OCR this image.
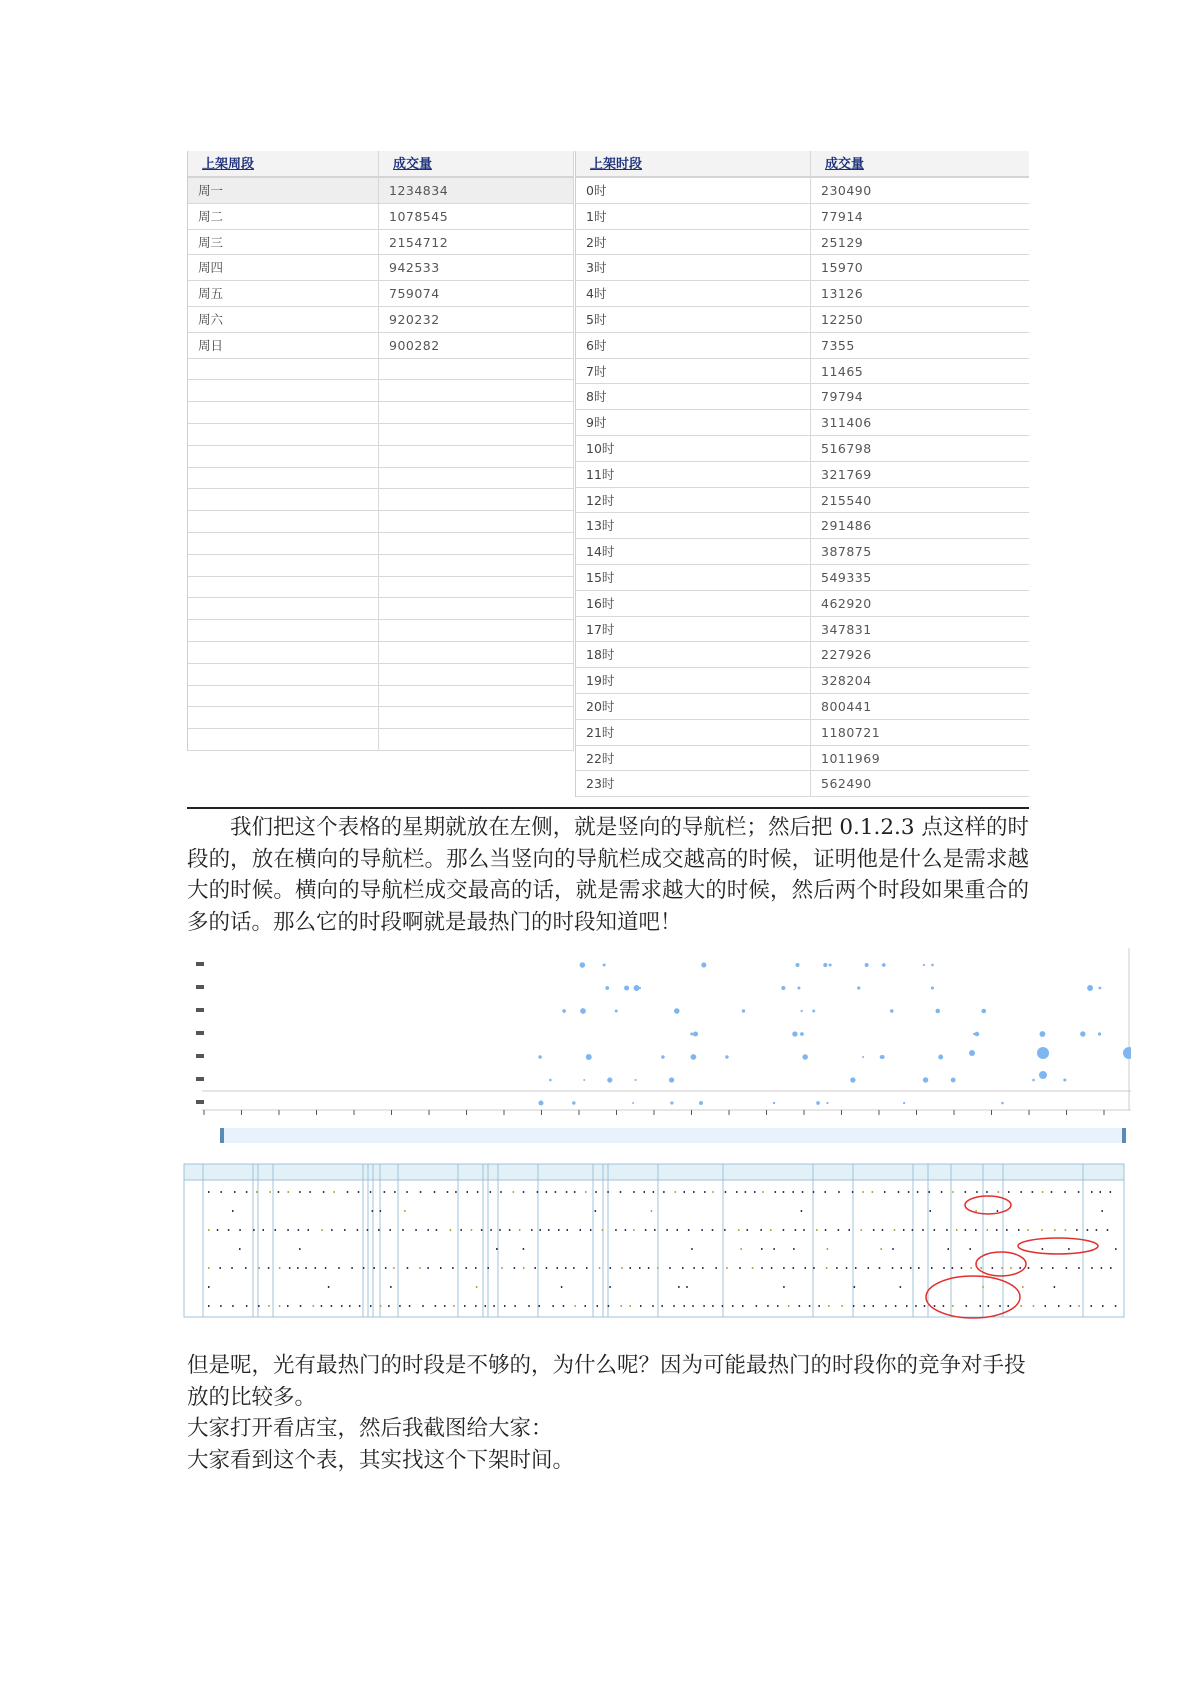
上架周段	成交量
周一	1234834
周二	1078545
周三	2154712
周四	942533
周五	759074
周六	920232
周日	900282
上架时段	成交量
0时	230490
1时	77914
2时	25129
3时	15970
4时	13126
5时	12250
6时	7355
7时	11465
8时	79794
9时	311406
10时	516798
11时	321769
12时	215540
13时	291486
14时	387875
15时	549335
16时	462920
17时	347831
18时	227926
19时	328204
20时	800441
21时	1180721
22时	1011969
23时	562490

我们把这个表格的星期就放在左侧，就是竖向的导航栏；然后把 0.1.2.3 点这样的时段的，放在横向的导航栏。那么当竖向的导航栏成交越高的时候，证明他是什么是需求越大的时候。横向的导航栏成交最高的话，就是需求越大的时候，然后两个时段如果重合的多的话。那么它的时段啊就是最热门的时段知道吧！

但是呢，光有最热门的时段是不够的，为什么呢？因为可能最热门的时段你的竞争对手投放的比较多。

大家打开看店宝，然后我截图给大家：

大家看到这个表，其实找这个下架时间。
